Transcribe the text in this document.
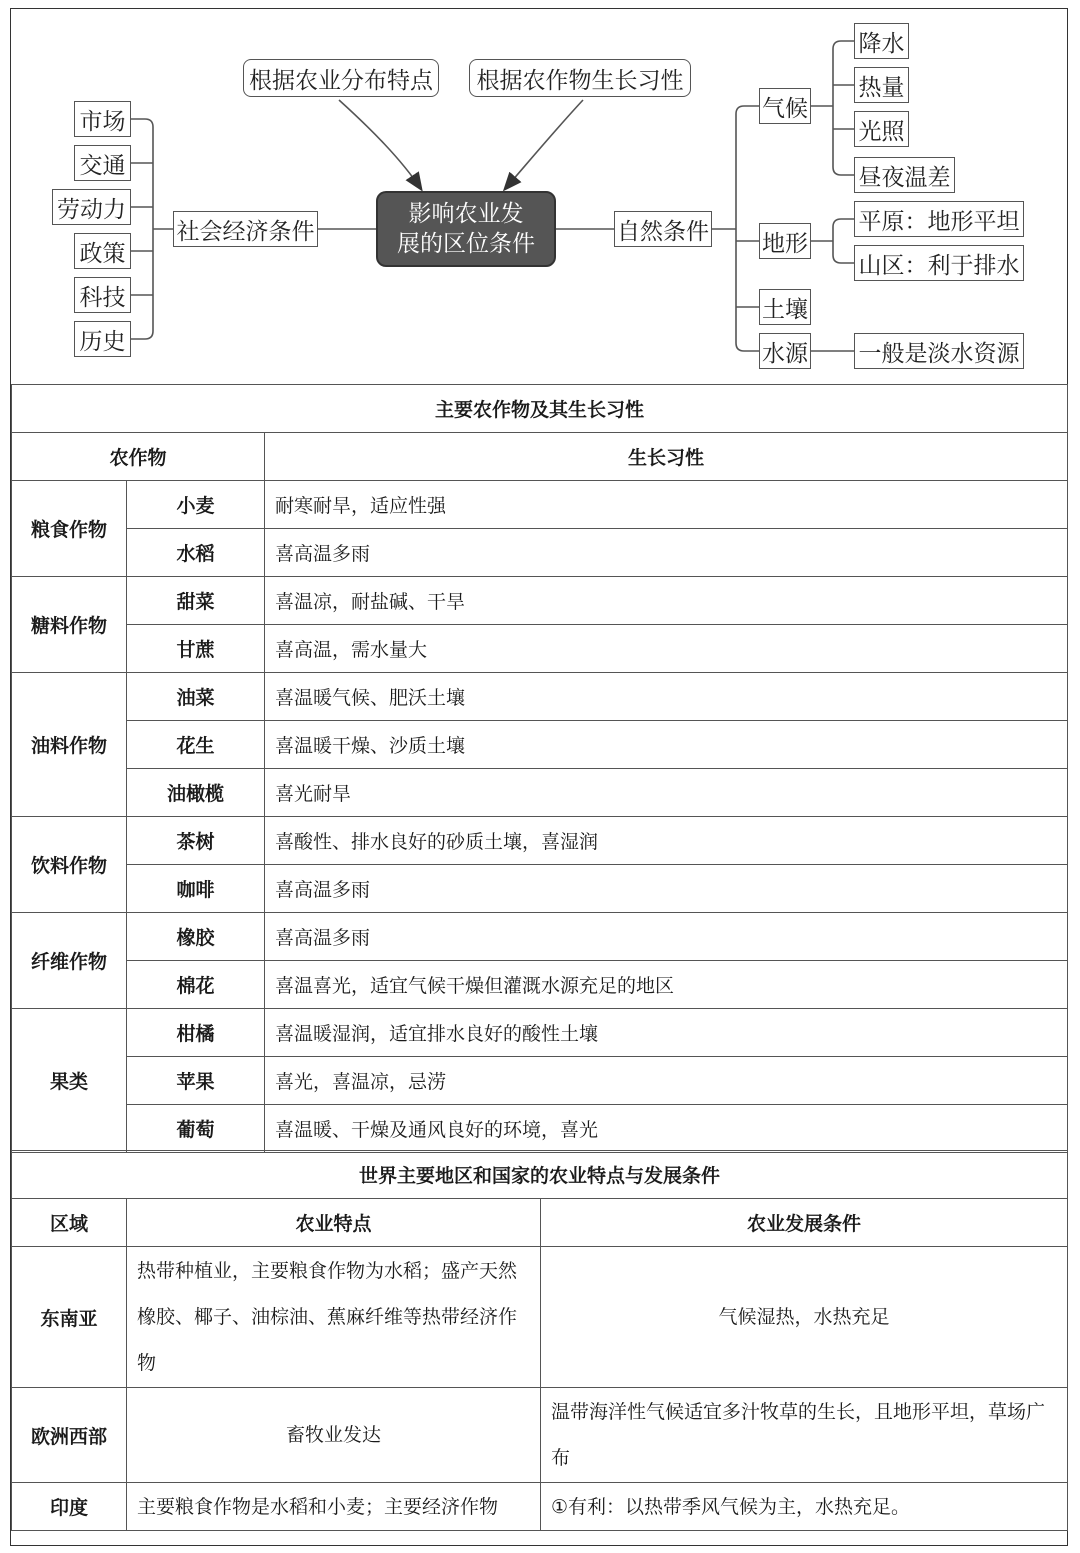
根据农业分布特点	根据农作物生长习性
影响农业发
展的区位条件
社会经济条件
市场
交通
劳动力
政策
科技
历史
自然条件
气候
降水
热量
光照
昼夜温差
地形
平原：地形平坦
山区：利于排水
土壤
水源 一般是淡水资源
主要农作物及其生长习性		
农作物		生长习性
粮食作物	小麦	耐寒耐旱，适应性强
	水稻	喜高温多雨
糖料作物	甜菜	喜温凉，耐盐碱、干旱
	甘蔗	喜高温，需水量大
油料作物	油菜	喜温暖气候、肥沃土壤
	花生	喜温暖干燥、沙质土壤
	油橄榄	喜光耐旱
饮料作物	茶树	喜酸性、排水良好的砂质土壤，喜湿润
	咖啡	喜高温多雨
纤维作物	橡胶	喜高温多雨
	棉花	喜温喜光，适宜气候干燥但灌溉水源充足的地区
果类	柑橘	喜温暖湿润，适宜排水良好的酸性土壤
	苹果	喜光，喜温凉，忌涝
	葡萄	喜温暖、干燥及通风良好的环境，喜光
世界主要地区和国家的农业特点与发展条件		
区域	农业特点	农业发展条件
东南亚	热带种植业，主要粮食作物为水稻；盛产天然橡胶、椰子、油棕油、蕉麻纤维等热带经济作物	气候湿热，水热充足
欧洲西部	畜牧业发达	温带海洋性气候适宜多汁牧草的生长，且地形平坦，草场广布
印度	主要粮食作物是水稻和小麦；主要经济作物	①有利：以热带季风气候为主，水热充足。
